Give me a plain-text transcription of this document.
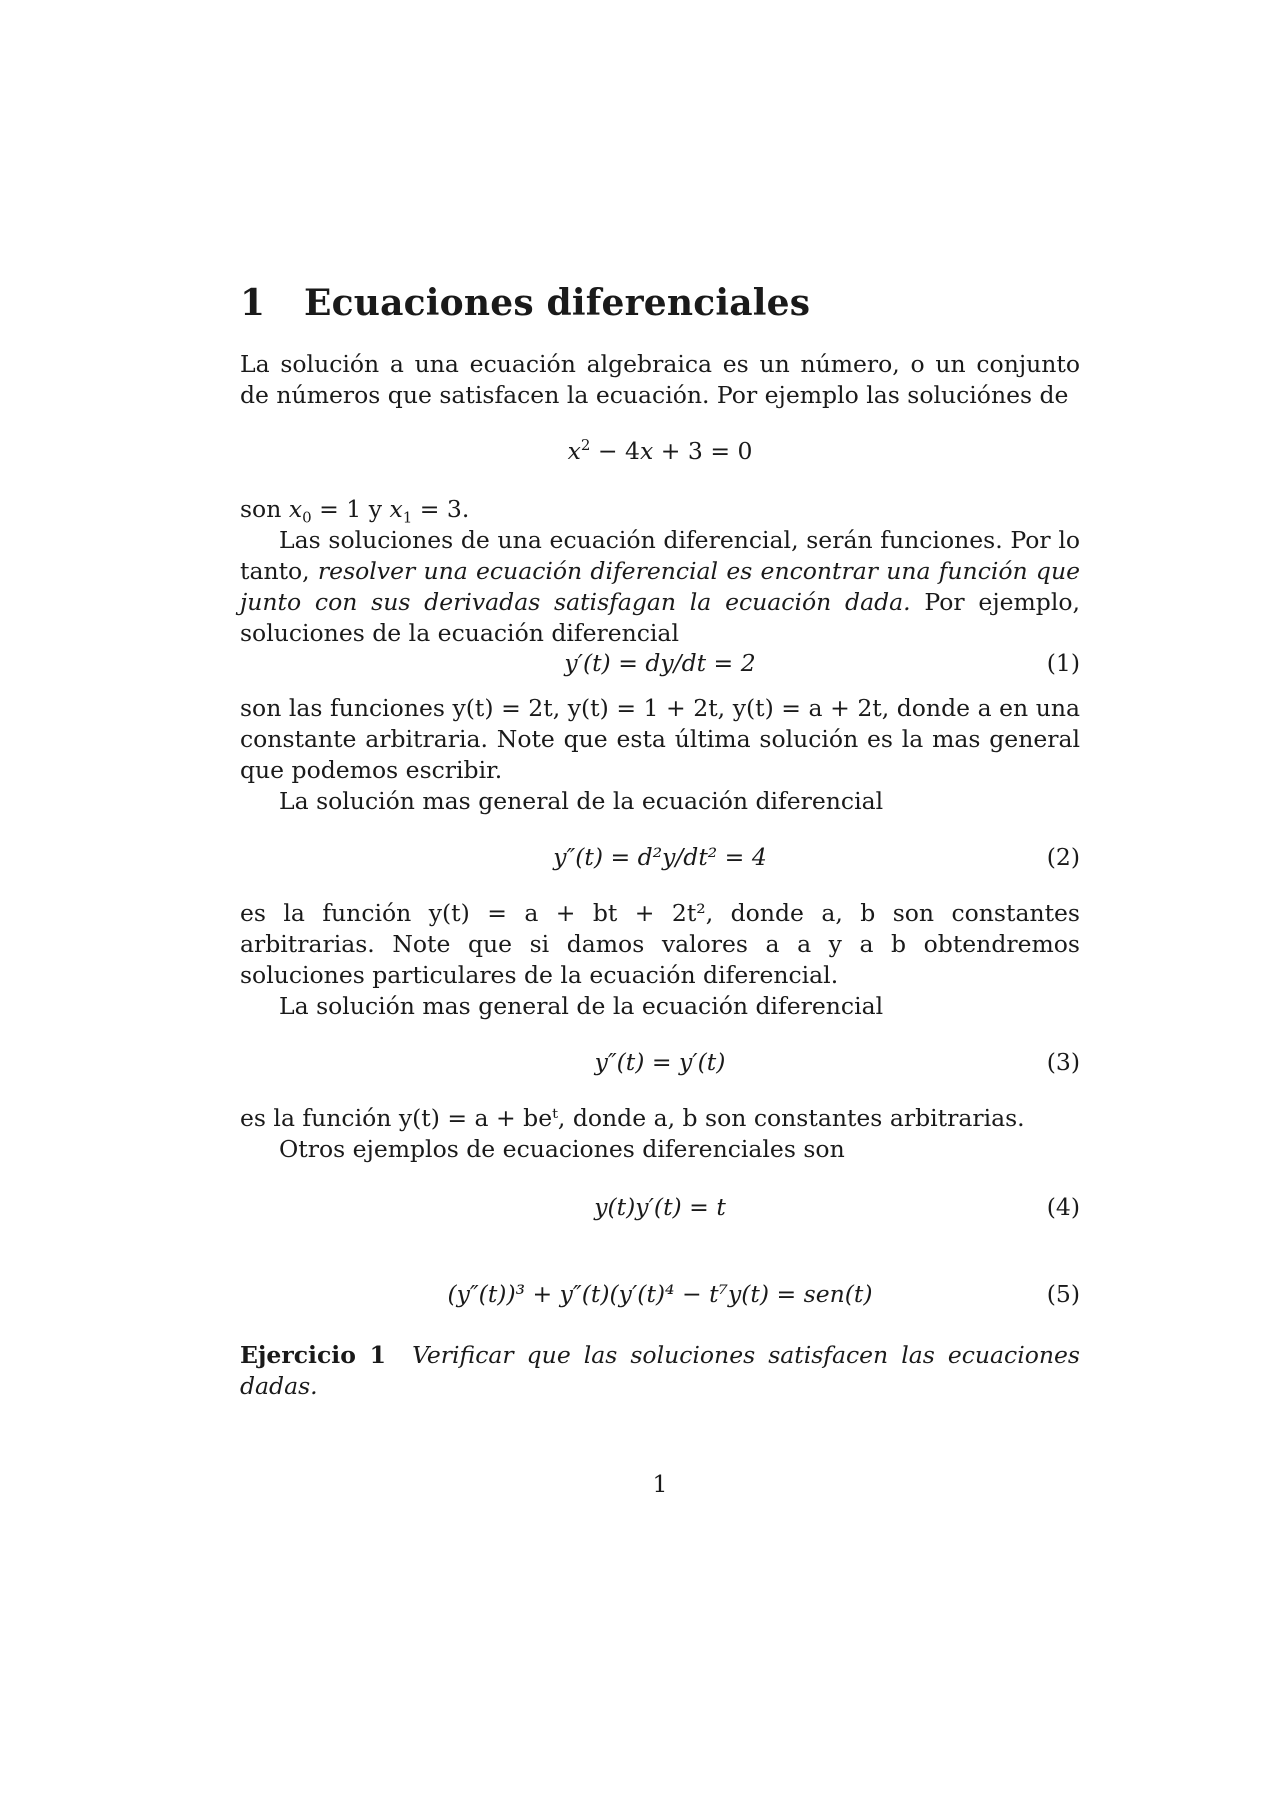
1 Ecuaciones diferenciales

La solución a una ecuación algebraica es un número, o un conjunto de números que satisfacen la ecuación. Por ejemplo las soluciónes de

$x^2 - 4x + 3 = 0$

son $x_0 = 1$ y $x_1 = 3$.

Las soluciones de una ecuación diferencial, serán funciones. Por lo tanto, resolver una ecuación diferencial es encontrar una función que junto con sus derivadas satisfagan la ecuación dada. Por ejemplo, soluciones de la ecuación diferencial

y′(t) = dy/dt = 2	(1)

son las funciones y(t) = 2t, y(t) = 1 + 2t, y(t) = a + 2t, donde a en una constante arbitraria. Note que esta última solución es la mas general que podemos escribir.

La solución mas general de la ecuación diferencial

y″(t) = d²y/dt² = 4	(2)

es la función y(t) = a + bt + 2t², donde a, b son constantes arbitrarias. Note que si damos valores a a y a b obtendremos soluciones particulares de la ecuación diferencial.

La solución mas general de la ecuación diferencial

y″(t) = y′(t)	(3)

es la función y(t) = a + beᵗ, donde a, b son constantes arbitrarias.

Otros ejemplos de ecuaciones diferenciales son

y(t)y′(t) = t	(4)
(y″(t))³ + y″(t)(y′(t)⁴ − t⁷y(t) = sen(t)	(5)

Ejercicio 1 Verificar que las soluciones satisfacen las ecuaciones dadas.

1
